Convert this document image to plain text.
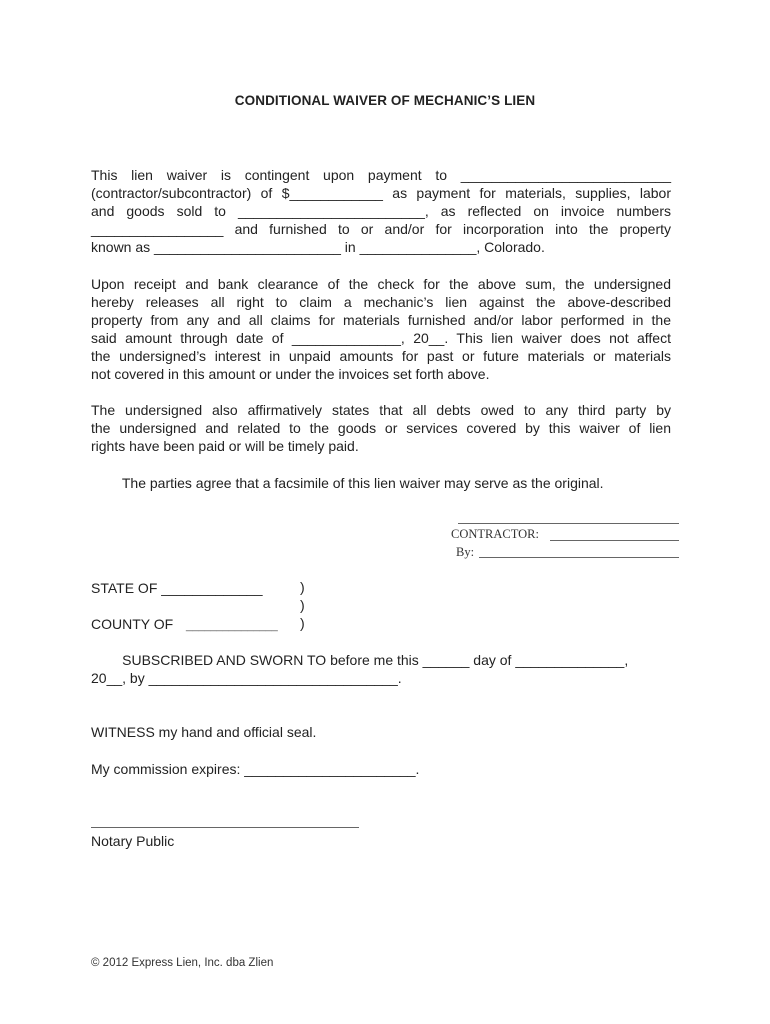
CONDITIONAL WAIVER OF MECHANIC’S LIEN
This lien waiver is contingent upon payment to ___________________________
(contractor/subcontractor) of $____________ as payment for materials, supplies, labor
and goods sold to ________________________, as reflected on invoice numbers
_________________ and furnished to or and/or for incorporation into the property
known as ________________________ in _______________, Colorado.
Upon receipt and bank clearance of the check for the above sum, the undersigned
hereby releases all right to claim a mechanic’s lien against the above-described
property from any and all claims for materials furnished and/or labor performed in the
said amount through date of ______________, 20__. This lien waiver does not affect
the undersigned’s interest in unpaid amounts for past or future materials or materials
not covered in this amount or under the invoices set forth above.
The undersigned also affirmatively states that all debts owed to any third party by
the undersigned and related to the goods or services covered by this waiver of lien
rights have been paid or will be timely paid.
The parties agree that a facsimile of this lien waiver may serve as the original.
CONTRACTOR:
By:
STATE OF _____________	)
)
COUNTY OF	_______________	)
SUBSCRIBED AND SWORN TO before me this ______ day of ______________,
20__, by ________________________________.
WITNESS my hand and official seal.
My commission expires: ______________________.
Notary Public
© 2012 Express Lien, Inc. dba Zlien
